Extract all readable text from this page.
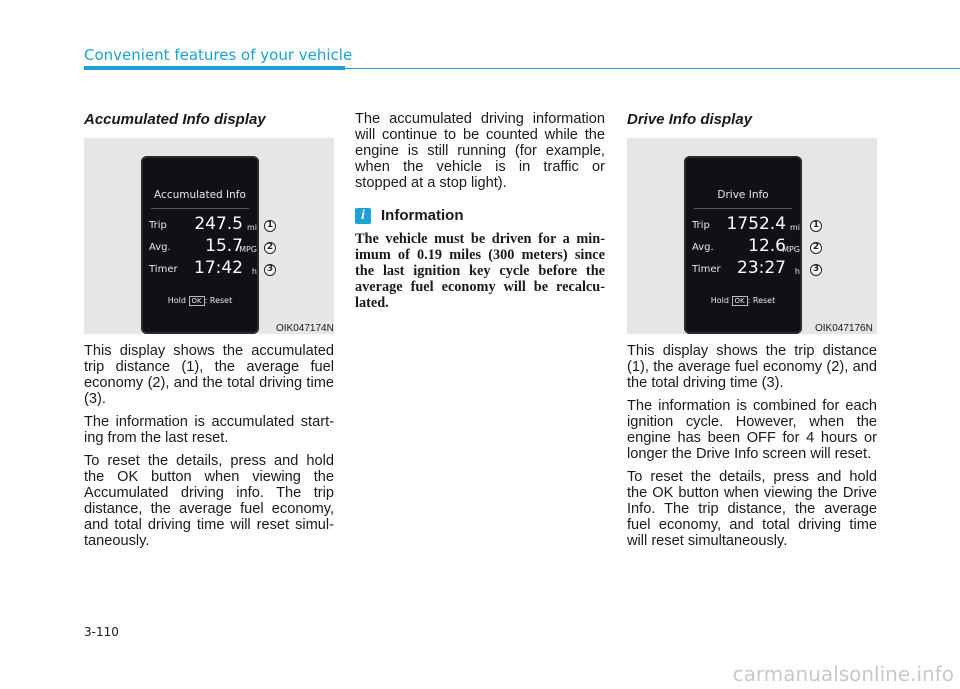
Convenient features of your vehicle
Accumulated Info display
Accumulated Info
Trip 247.5 mi
Avg. 15.7
MPG
Timer 17:42 h
Hold OK : Reset
1
2
3
OIK047174N

This display shows the accumulated trip distance (1), the average fuel economy (2), and the total driving time (3).

The information is accumulated start-ing from the last reset.

To reset the details, press and hold the OK button when viewing the Accumulated driving info. The trip distance, the average fuel economy, and total driving time will reset simul-taneously.

The accumulated driving information will continue to be counted while the engine is still running (for example, when the vehicle is in traffic or stopped at a stop light).

i	Information

The vehicle must be driven for a min-imum of 0.19 miles (300 meters) since the last ignition key cycle before the average fuel economy will be recalcu-lated.

Drive Info display
Drive Info
Trip 1752.4 mi
Avg. 12.6
MPG
Timer 23:27 h
Hold OK : Reset
1
2
3
OIK047176N

This display shows the trip distance (1), the average fuel economy (2), and the total driving time (3).

The information is combined for each ignition cycle. However, when the engine has been OFF for 4 hours or longer the Drive Info screen will reset.

To reset the details, press and hold the OK button when viewing the Drive Info. The trip distance, the average fuel economy, and total driving time will reset simultaneously.

3-110
carmanualsonline.info
